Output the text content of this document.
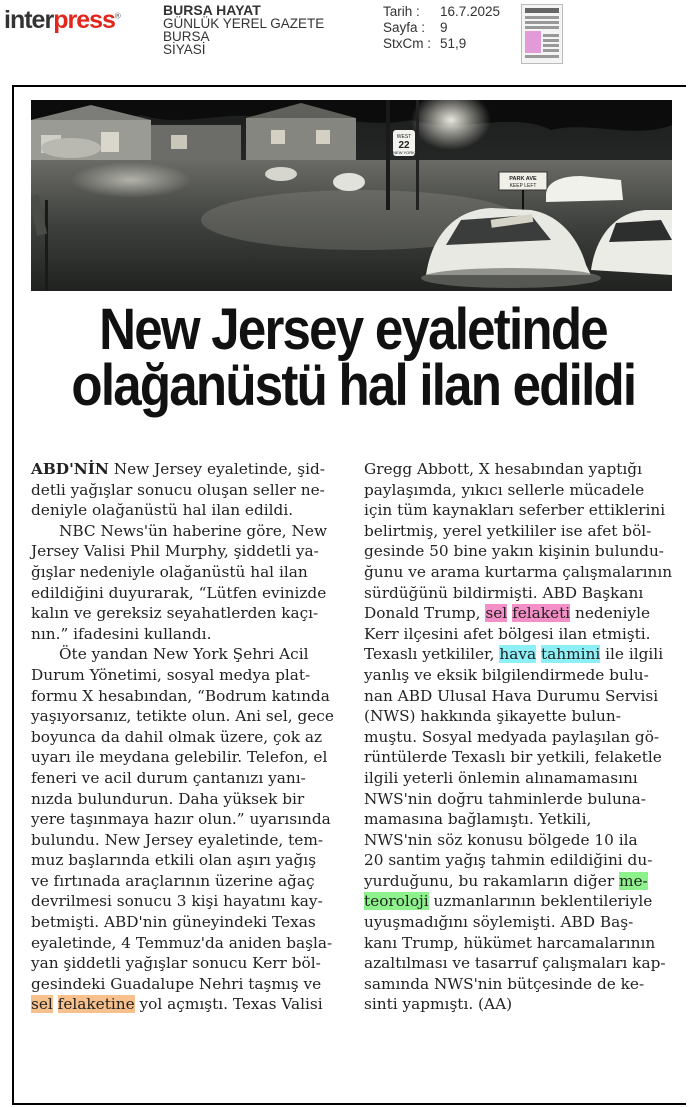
interpress®	BURSA HAYAT
GÜNLÜK YEREL GAZETE
BURSA
SİYASİ
Tarih :	16.7.2025
Sayfa :	9
StxCm : 51,9
WEST
22
NEW YORK
PARK AVE
KEEP LEFT
New Jersey eyaletinde
olağanüstü hal ilan edildi
ABD'NİN New Jersey eyaletinde, şid-
detli yağışlar sonucu oluşan seller ne-
deniyle olağanüstü hal ilan edildi.
NBC News'ün haberine göre, New
Jersey Valisi Phil Murphy, şiddetli ya-
ğışlar nedeniyle olağanüstü hal ilan
edildiğini duyurarak, “Lütfen evinizde
kalın ve gereksiz seyahatlerden kaçı-
nın.” ifadesini kullandı.
Öte yandan New York Şehri Acil
Durum Yönetimi, sosyal medya plat-
formu X hesabından, “Bodrum katında
yaşıyorsanız, tetikte olun. Ani sel, gece
boyunca da dahil olmak üzere, çok az
uyarı ile meydana gelebilir. Telefon, el
feneri ve acil durum çantanızı yanı-
nızda bulundurun. Daha yüksek bir
yere taşınmaya hazır olun.” uyarısında
bulundu. New Jersey eyaletinde, tem-
muz başlarında etkili olan aşırı yağış
ve fırtınada araçlarının üzerine ağaç
devrilmesi sonucu 3 kişi hayatını kay-
betmişti. ABD'nin güneyindeki Texas
eyaletinde, 4 Temmuz'da aniden başla-
yan şiddetli yağışlar sonucu Kerr böl-
gesindeki Guadalupe Nehri taşmış ve
sel felaketine yol açmıştı. Texas Valisi
Gregg Abbott, X hesabından yaptığı
paylaşımda, yıkıcı sellerle mücadele
için tüm kaynakları seferber ettiklerini
belirtmiş, yerel yetkililer ise afet böl-
gesinde 50 bine yakın kişinin bulundu-
ğunu ve arama kurtarma çalışmalarının
sürdüğünü bildirmişti. ABD Başkanı
Donald Trump, sel felaketi nedeniyle
Kerr ilçesini afet bölgesi ilan etmişti.
Texaslı yetkililer, hava tahmini ile ilgili
yanlış ve eksik bilgilendirmede bulu-
nan ABD Ulusal Hava Durumu Servisi
(NWS) hakkında şikayette bulun-
muştu. Sosyal medyada paylaşılan gö-
rüntülerde Texaslı bir yetkili, felaketle
ilgili yeterli önlemin alınamamasını
NWS'nin doğru tahminlerde buluna-
mamasına bağlamıştı. Yetkili,
NWS'nin söz konusu bölgede 10 ila
20 santim yağış tahmin edildiğini du-
yurduğunu, bu rakamların diğer me-
teoroloji uzmanlarının beklentileriyle
uyuşmadığını söylemişti. ABD Baş-
kanı Trump, hükümet harcamalarının
azaltılması ve tasarruf çalışmaları kap-
samında NWS'nin bütçesinde de ke-
sinti yapmıştı. (AA)
